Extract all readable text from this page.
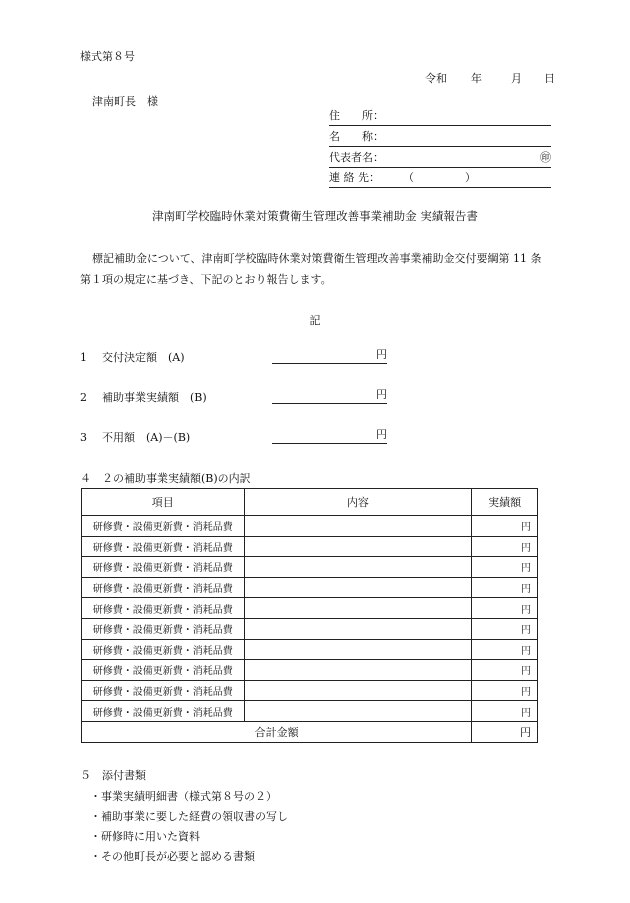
様式第８号
令和 年	月 日
津南町長　様
住　　所：
名　　称：
代表者名：	㊞
連 絡 先： （	）
津南町学校臨時休業対策費衛生管理改善事業補助金 実績報告書
標記補助金について、津南町学校臨時休業対策費衛生管理改善事業補助金交付要綱第 11 条第１項の規定に基づき、下記のとおり報告します。
記
1 交付決定額　(A)	円
2 補助事業実績額　(B)	円
3 不用額　(A)－(B)	円
４　２の補助事業実績額(B)の内訳
項目	内容	実績額
研修費・設備更新費・消耗品費		円
研修費・設備更新費・消耗品費		円
研修費・設備更新費・消耗品費		円
研修費・設備更新費・消耗品費		円
研修費・設備更新費・消耗品費		円
研修費・設備更新費・消耗品費		円
研修費・設備更新費・消耗品費		円
研修費・設備更新費・消耗品費		円
研修費・設備更新費・消耗品費		円
研修費・設備更新費・消耗品費		円
合計金額		円
５　添付書類
・事業実績明細書（様式第８号の２）
・補助事業に要した経費の領収書の写し
・研修時に用いた資料
・その他町長が必要と認める書類
